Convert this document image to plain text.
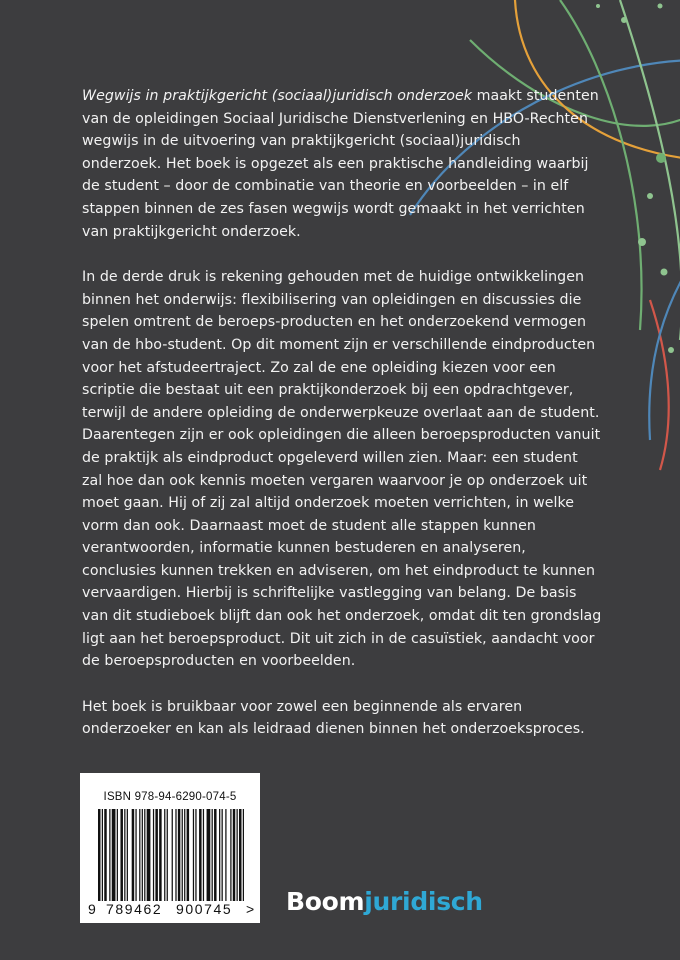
Wegwijs in praktijkgericht (sociaal)juridisch onderzoek maakt studenten van de opleidingen Sociaal Juridische Dienstverlening en HBO-Rechten wegwijs in de uitvoering van praktijkgericht (sociaal)juridisch onderzoek. Het boek is opgezet als een praktische handleiding waarbij de student – door de combinatie van theorie en voorbeelden – in elf stappen binnen de zes fasen wegwijs wordt gemaakt in het verrichten van praktijkgericht onderzoek.

In de derde druk is rekening gehouden met de huidige ontwikkelingen binnen het onderwijs: flexibilisering van opleidingen en discussies die spelen omtrent de beroeps-producten en het onderzoekend vermogen van de hbo-student. Op dit moment zijn er verschillende eindproducten voor het afstudeertraject. Zo zal de ene opleiding kiezen voor een scriptie die bestaat uit een praktijkonderzoek bij een opdrachtgever, terwijl de andere opleiding de onderwerpkeuze overlaat aan de student. Daarentegen zijn er ook opleidingen die alleen beroepsproducten vanuit de praktijk als eindproduct opgeleverd willen zien. Maar: een student zal hoe dan ook kennis moeten vergaren waarvoor je op onderzoek uit moet gaan. Hij of zij zal altijd onderzoek moeten verrichten, in welke vorm dan ook. Daarnaast moet de student alle stappen kunnen verantwoorden, informatie kunnen bestuderen en analyseren, conclusies kunnen trekken en adviseren, om het eindproduct te kunnen vervaardigen. Hierbij is schriftelijke vastlegging van belang. De basis van dit studieboek blijft dan ook het onderzoek, omdat dit ten grondslag ligt aan het beroepsproduct. Dit uit zich in de casuïstiek, aandacht voor de beroepsproducten en voorbeelden.

Het boek is bruikbaar voor zowel een beginnende als ervaren onderzoeker en kan als leidraad dienen binnen het onderzoeksproces.

ISBN 978-94-6290-074-5
9 789462 900745 > Boomjuridisch
